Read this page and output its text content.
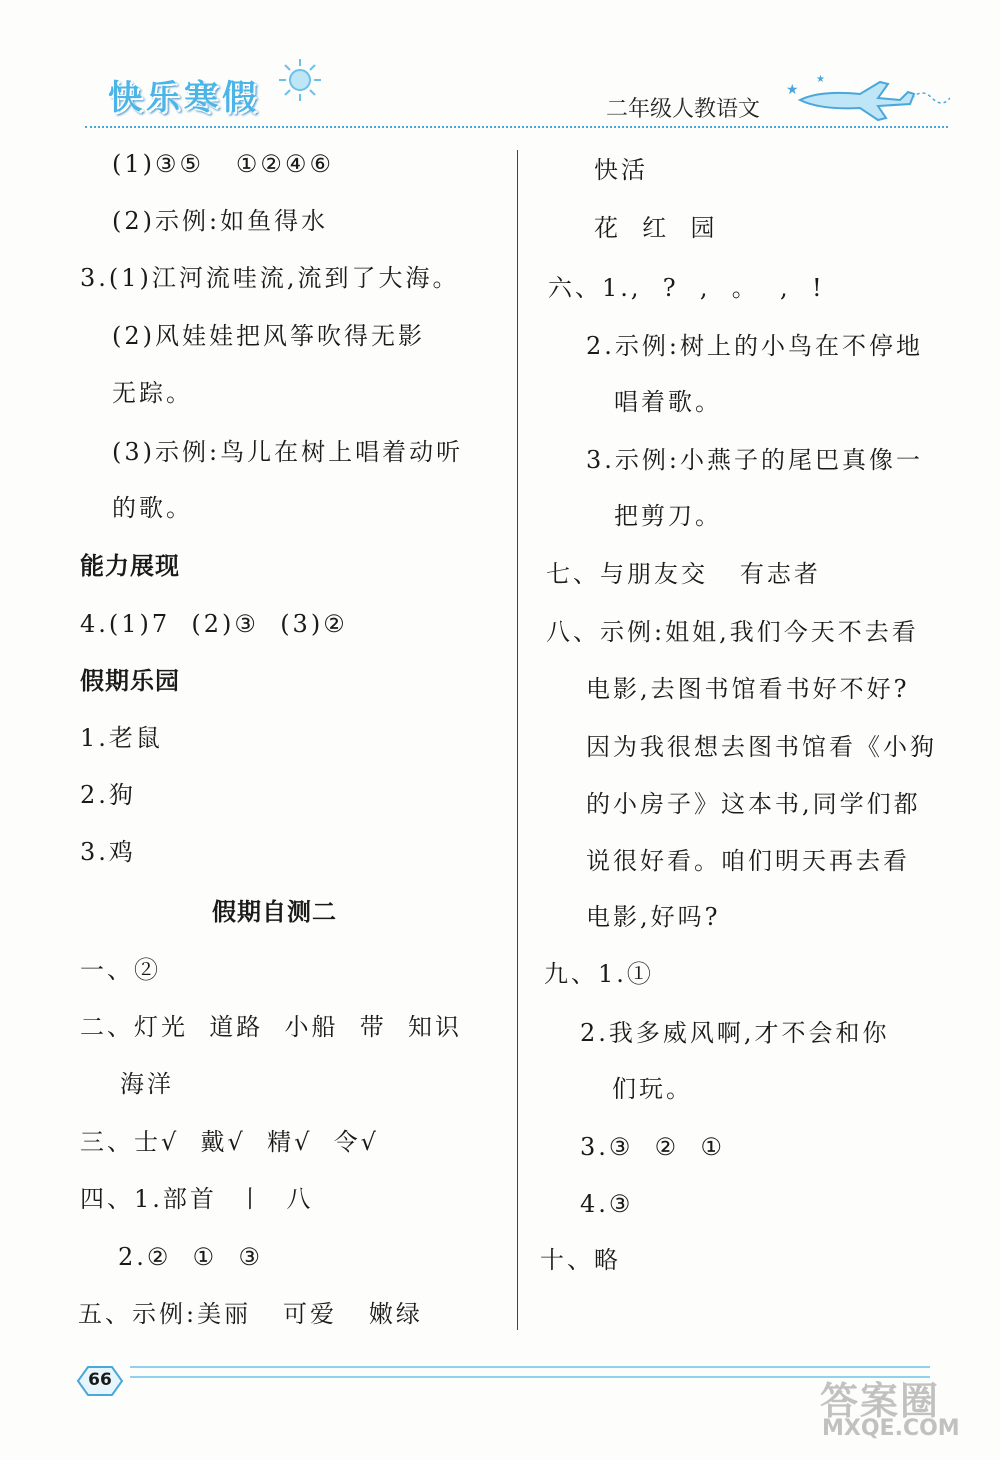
快乐寒假	二年级人教语文
★
★
(1)③⑤   ①②④⑥
(2)示例:如鱼得水
3.(1)江河流哇流,流到了大海。
(2)风娃娃把风筝吹得无影
无踪。
(3)示例:鸟儿在树上唱着动听
的歌。
能力展现
4.(1)7  (2)③  (3)②
假期乐园
1.老鼠
2.狗
3.鸡
假期自测二
一、②
二、灯光  道路  小船  带  知识
海洋
三、士√  戴√  精√  令√
四、1.部首  丨  八
2.②  ①  ③
五、示例:美丽   可爱   嫩绿
快活
花  红  园
六、1.,  ?  ,  。  ,  !
2.示例:树上的小鸟在不停地
唱着歌。
3.示例:小燕子的尾巴真像一
把剪刀。
七、与朋友交   有志者
八、示例:姐姐,我们今天不去看
电影,去图书馆看书好不好?
因为我很想去图书馆看《小狗
的小房子》这本书,同学们都
说很好看。咱们明天再去看
电影,好吗?
九、1.①
2.我多威风啊,才不会和你
们玩。
3.③  ②  ①
4.③
十、略
66	答案圈
MXQE.COM
